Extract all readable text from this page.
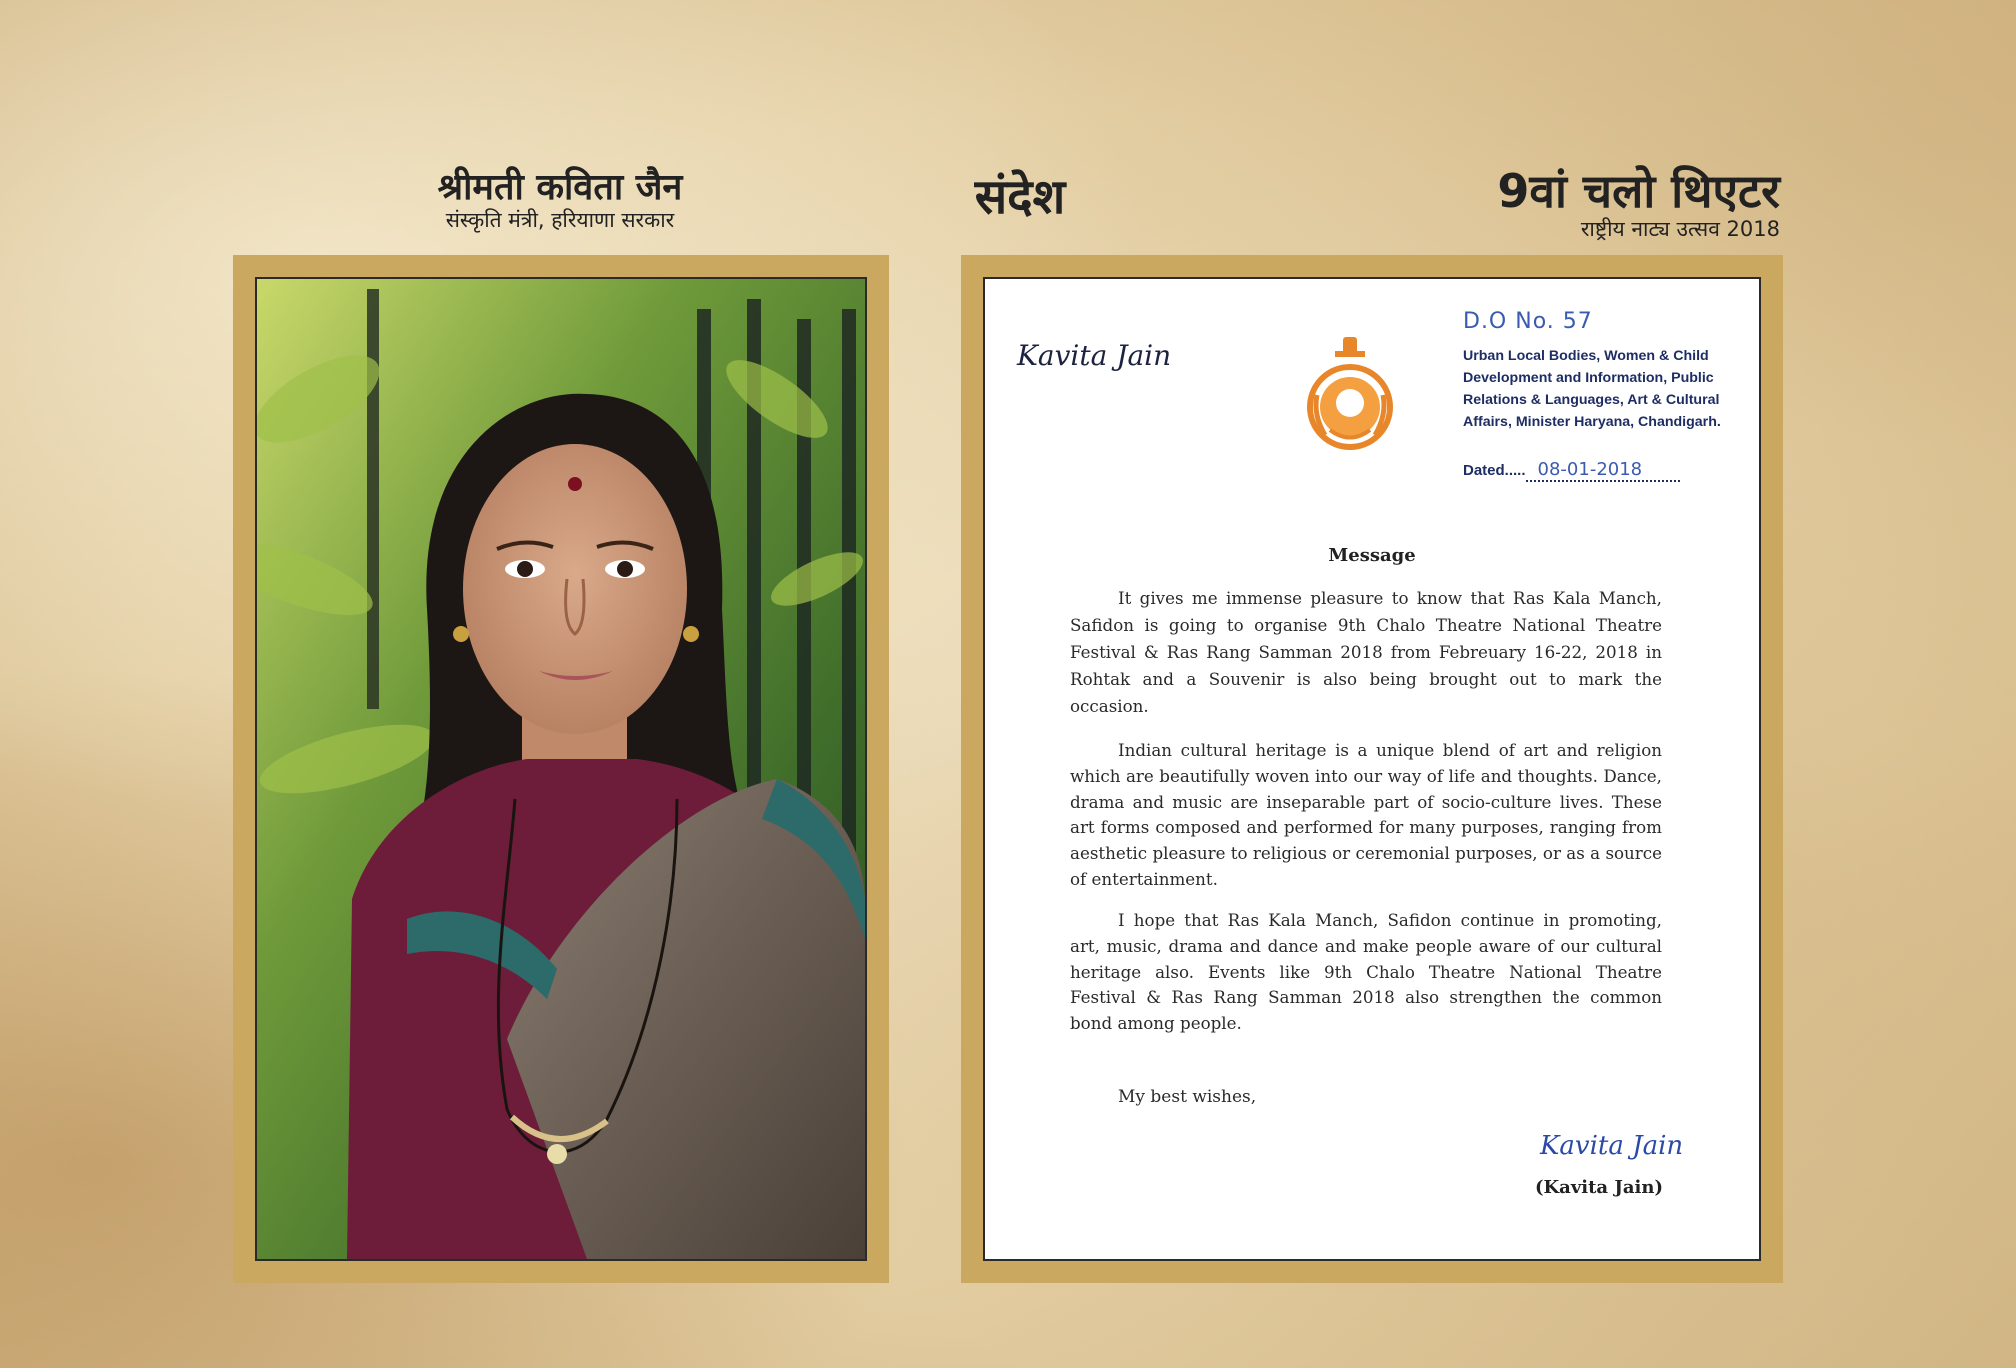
श्रीमती कविता जैन
संस्कृति मंत्री, हरियाणा सरकार	संदेश	9वां चलो थिएटर
राष्ट्रीय नाट्य उत्सव 2018
Kavita Jain
D.O No. 57
Urban Local Bodies, Women & Child Development and Information, Public Relations & Languages, Art & Cultural Affairs, Minister Haryana, Chandigarh.
Dated..... 08-01-2018
Message

It gives me immense pleasure to know that Ras Kala Manch, Safidon is going to organise 9th Chalo Theatre National Theatre Festival & Ras Rang Samman 2018 from Febreuary 16-22, 2018 in Rohtak and a Souvenir is also being brought out to mark the occasion.

Indian cultural heritage is a unique blend of art and religion which are beautifully woven into our way of life and thoughts. Dance, drama and music are inseparable part of socio-culture lives. These art forms composed and performed for many purposes, ranging from aesthetic pleasure to religious or ceremonial purposes, or as a source of entertainment.

I hope that Ras Kala Manch, Safidon continue in promoting, art, music, drama and dance and make people aware of our cultural heritage also. Events like 9th Chalo Theatre National Theatre Festival & Ras Rang Samman 2018 also strengthen the common bond among people.

My best wishes,
Kavita Jain
(Kavita Jain)
